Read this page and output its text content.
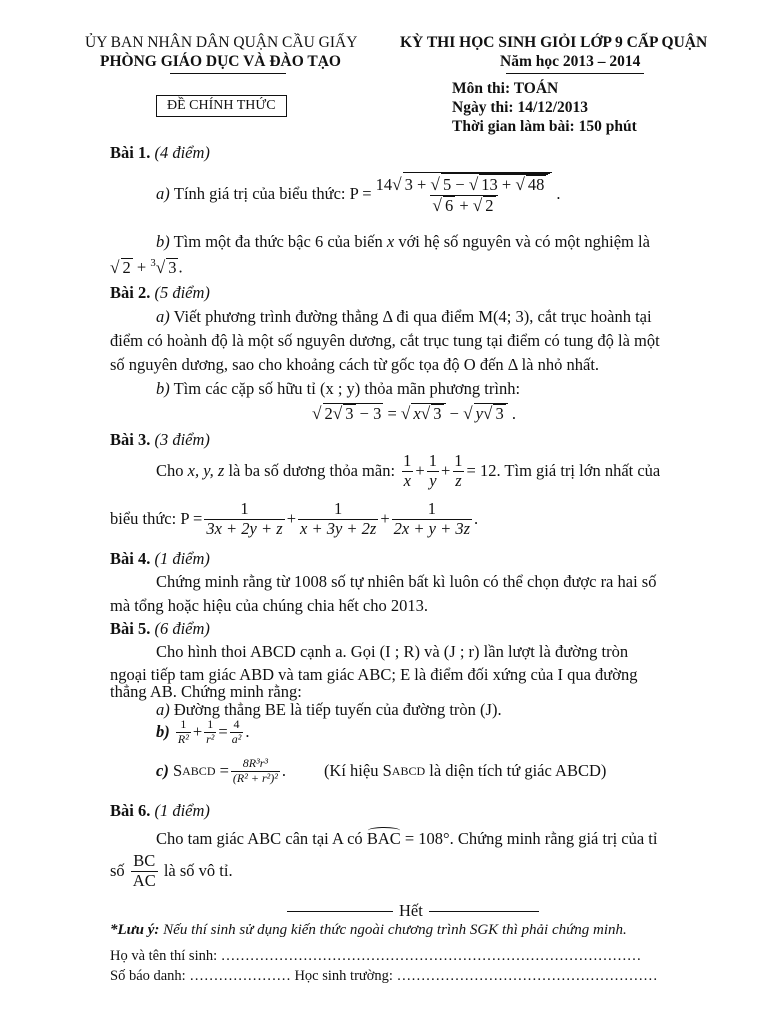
ỦY BAN NHÂN DÂN QUẬN CẦU GIẤY
PHÒNG GIÁO DỤC VÀ ĐÀO TẠO
KỲ THI HỌC SINH GIỎI LỚP 9 CẤP QUẬN
Năm học 2013 – 2014
ĐỀ CHÍNH THỨC
Môn thi: TOÁN
Ngày thi: 14/12/2013
Thời gian làm bài: 150 phút
Bài 1. (4 điểm)
a)
Tính giá trị của biểu thức: $P = \frac{14√ 3 + √ 5 - √ 13 + √ 48}{√ 6 + √ 2}$ .
b) Tìm một đa thức bậc 6 của biến x với hệ số nguyên và có một nghiệm là
√ 2 + $^3$√ 3 .
Bài 2. (5 điểm)
a) Viết phương trình đường thẳng Δ đi qua điểm M(4; 3), cắt trục hoành tại
điểm có hoành độ là một số nguyên dương, cắt trục tung tại điểm có tung độ là một
số nguyên dương, sao cho khoảng cách từ gốc tọa độ O đến Δ là nhỏ nhất.
b) Tìm các cặp số hữu tỉ (x ; y) thỏa mãn phương trình:
√ 2√ 3 − 3 = √ x√ 3 − √ y√ 3 .
Bài 3. (3 điểm)
Cho
x, y, z
là ba số dương thỏa mãn:
$\frac{1}{x} + \frac{1}{y} + \frac{1}{z} = 12$ . Tìm giá trị lớn nhất của
biểu thức: $P = \frac{1}{3x + 2y + z} + \frac{1}{x + 3y + 2z} + \frac{1}{2x + y + 3z}$ .
Bài 4. (1 điểm)
Chứng minh rằng từ 1008 số tự nhiên bất kì luôn có thể chọn được ra hai số
mà tổng hoặc hiệu của chúng chia hết cho 2013.
Bài 5. (6 điểm)
Cho hình thoi ABCD cạnh a. Gọi (I ; R) và (J ; r) lần lượt là đường tròn
ngoại tiếp tam giác ABD và tam giác ABC; E là điểm đối xứng của I qua đường
thẳng AB. Chứng minh rằng:
a) Đường thẳng BE là tiếp tuyến của đường tròn (J).
b)
$\frac{1}{\text{R²}} + \frac{1}{\text{r²}} = \frac{4}{\text{a²}}$ .
c)
S ABCD = $\frac{\text{8R³r³}}{\text{(R² + r²)²}}$ . (Kí hiệu S ABCD
là diện tích tứ giác ABCD)
Bài 6. (1 điểm)
Cho tam giác ABC cân tại A có BAC = 108°. Chứng minh rằng giá trị của tỉ
số
$\frac{BC}{AC}$
là số vô tỉ.
Hết
*Lưu ý: Nếu thí sinh sử dụng kiến thức ngoài chương trình SGK thì phải chứng minh.
Họ và tên thí sinh: ……………………………………………………………………………
Số báo danh: ………………… Học sinh trường: ………………………………………………
